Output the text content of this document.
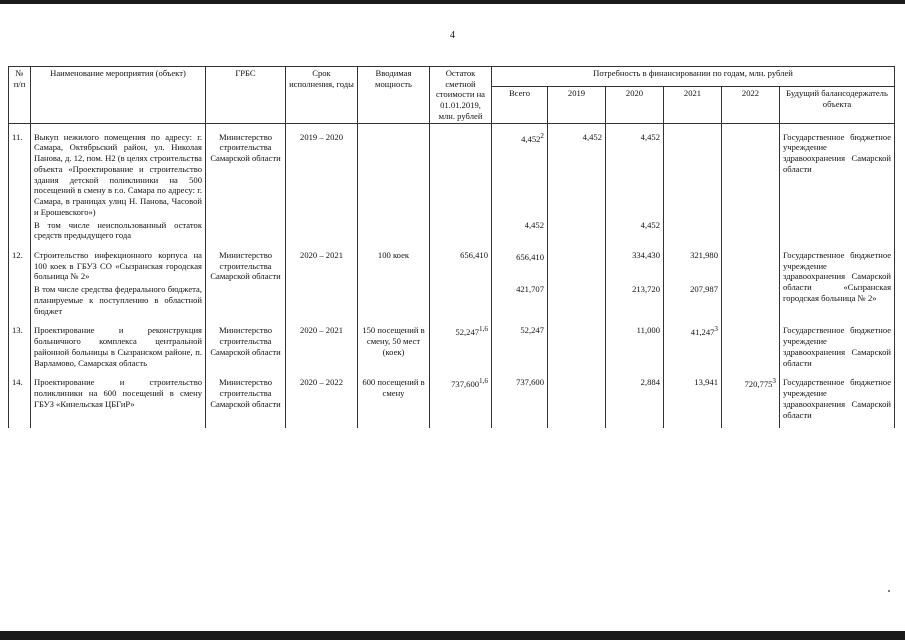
4
№ п/п	Наименование мероприятия (объект)	ГРБС	Срок исполнения, годы	Вводимая мощность	Остаток сметной стоимости на 01.01.2019, млн. рублей	Потребность в финансировании по годам, млн. рублей					
						Всего	2019	2020	2021	2022	Будущий балансодержатель объекта

11.	Выкуп нежилого помещения по адресу: г. Самара, Октябрьский район, ул. Николая Панова, д. 12, пом. Н2 (в целях строительства объекта «Проектирование и строительство здания детской поликлиники на 500 посещений в смену в г.о. Самара по адресу: г. Самара, в границах улиц Н. Панова, Часовой и Ерошевского»)	Министерство строительства Самарской области	2019 – 2020			4,452$^2$	4,452	4,452			Государственное бюджетное учреждение здравоохранения Самарской области
	В том числе неиспользованный остаток средств предыдущего года					4,452		4,452			

12.	Строительство инфекционного корпуса на 100 коек в ГБУЗ СО «Сызранская городская больница № 2»	Министерство строительства Самарской области	2020 – 2021	100 коек	656,410	656,410		334,430	321,980		Государственное бюджетное учреждение здравоохранения Самарской области «Сызранская городская больница № 2»
	В том числе средства федерального бюджета, планируемые к поступлению в областной бюджет					421,707		213,720	207,987		

13.	Проектирование и реконструкция больничного комплекса центральной районной больницы в Сызранском районе, п. Варламово, Самарская область	Министерство строительства Самарской области	2020 – 2021	150 посещений в смену, 50 мест (коек)	52,247$^{1,6}$	52,247		11,000	41,247$^3$		Государственное бюджетное учреждение здравоохранения Самарской области

14.	Проектирование и строительство поликлиники на 600 посещений в смену ГБУЗ «Кинельская ЦБГиР»	Министерство строительства Самарской области	2020 – 2022	600 посещений в смену	737,600$^{1,6}$	737,600		2,884	13,941	720,775$^3$	Государственное бюджетное учреждение здравоохранения Самарской области
